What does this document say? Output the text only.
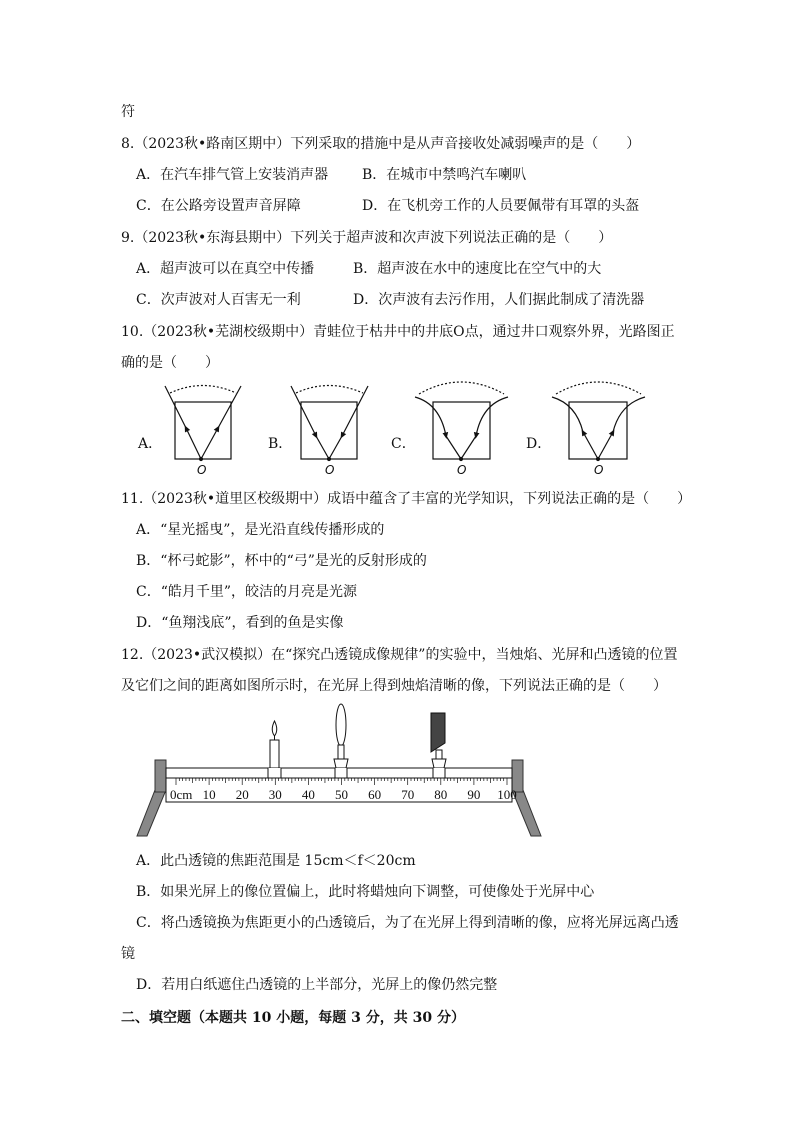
符
8.（2023秋•路南区期中）下列采取的措施中是从声音接收处减弱噪声的是（　　）
A．在汽车排气管上安装消声器 B．在城市中禁鸣汽车喇叭
C．在公路旁设置声音屏障	D．在飞机旁工作的人员要佩带有耳罩的头盔
9.（2023秋•东海县期中）下列关于超声波和次声波下列说法正确的是（　　）
A．超声波可以在真空中传播	B．超声波在水中的速度比在空气中的大
C．次声波对人百害无一利	D．次声波有去污作用，人们据此制成了清洗器
10.（2023秋•芜湖校级期中）青蛙位于枯井中的井底O点，通过井口观察外界，光路图正
确的是（　　）
A．
O
B．
O
C．
O
D．
O
11.（2023秋•道里区校级期中）成语中蕴含了丰富的光学知识，下列说法正确的是（　　）
A．“星光摇曳”，是光沿直线传播形成的
B．“杯弓蛇影”，杯中的“弓”是光的反射形成的
C．“皓月千里”，皎洁的月亮是光源
D．“鱼翔浅底”，看到的鱼是实像
12.（2023•武汉模拟）在“探究凸透镜成像规律”的实验中，当烛焰、光屏和凸透镜的位置
及它们之间的距离如图所示时，在光屏上得到烛焰清晰的像，下列说法正确的是（　　）
0cm 10 20 30 40 50 60 70 80 90 100
A．此凸透镜的焦距范围是 15cm＜f＜20cm
B．如果光屏上的像位置偏上，此时将蜡烛向下调整，可使像处于光屏中心
C．将凸透镜换为焦距更小的凸透镜后，为了在光屏上得到清晰的像，应将光屏远离凸透
镜
D．若用白纸遮住凸透镜的上半部分，光屏上的像仍然完整
二、填空题（本题共 10 小题，每题 3 分，共 30 分）
